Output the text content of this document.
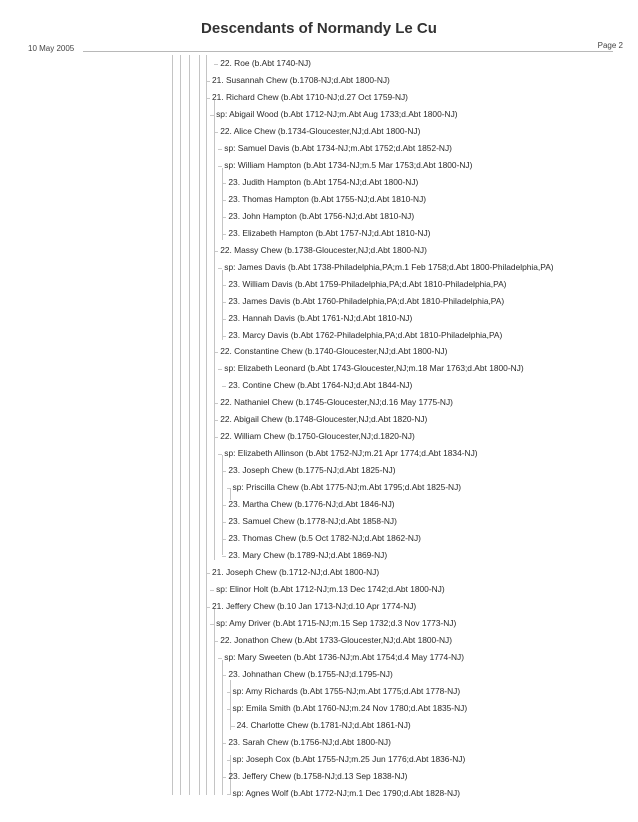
Descendants of Normandy Le Cu
10 May 2005	Page 2
22. Roe (b.Abt 1740-NJ)
21. Susannah Chew (b.1708-NJ;d.Abt 1800-NJ)
21. Richard Chew (b.Abt 1710-NJ;d.27 Oct 1759-NJ)
sp: Abigail Wood (b.Abt 1712-NJ;m.Abt Aug 1733;d.Abt 1800-NJ)
22. Alice Chew (b.1734-Gloucester,NJ;d.Abt 1800-NJ)
sp: Samuel Davis (b.Abt 1734-NJ;m.Abt 1752;d.Abt 1852-NJ)
sp: William Hampton (b.Abt 1734-NJ;m.5 Mar 1753;d.Abt 1800-NJ)
23. Judith Hampton (b.Abt 1754-NJ;d.Abt 1800-NJ)
23. Thomas Hampton (b.Abt 1755-NJ;d.Abt 1810-NJ)
23. John Hampton (b.Abt 1756-NJ;d.Abt 1810-NJ)
23. Elizabeth Hampton (b.Abt 1757-NJ;d.Abt 1810-NJ)
22. Massy Chew (b.1738-Gloucester,NJ;d.Abt 1800-NJ)
sp: James Davis (b.Abt 1738-Philadelphia,PA;m.1 Feb 1758;d.Abt 1800-Philadelphia,PA)
23. William Davis (b.Abt 1759-Philadelphia,PA;d.Abt 1810-Philadelphia,PA)
23. James Davis (b.Abt 1760-Philadelphia,PA;d.Abt 1810-Philadelphia,PA)
23. Hannah Davis (b.Abt 1761-NJ;d.Abt 1810-NJ)
23. Marcy Davis (b.Abt 1762-Philadelphia,PA;d.Abt 1810-Philadelphia,PA)
22. Constantine Chew (b.1740-Gloucester,NJ;d.Abt 1800-NJ)
sp: Elizabeth Leonard (b.Abt 1743-Gloucester,NJ;m.18 Mar 1763;d.Abt 1800-NJ)
23. Contine Chew (b.Abt 1764-NJ;d.Abt 1844-NJ)
22. Nathaniel Chew (b.1745-Gloucester,NJ;d.16 May 1775-NJ)
22. Abigail Chew (b.1748-Gloucester,NJ;d.Abt 1820-NJ)
22. William Chew (b.1750-Gloucester,NJ;d.1820-NJ)
sp: Elizabeth Allinson (b.Abt 1752-NJ;m.21 Apr 1774;d.Abt 1834-NJ)
23. Joseph Chew (b.1775-NJ;d.Abt 1825-NJ)
sp: Priscilla Chew (b.Abt 1775-NJ;m.Abt 1795;d.Abt 1825-NJ)
23. Martha Chew (b.1776-NJ;d.Abt 1846-NJ)
23. Samuel Chew (b.1778-NJ;d.Abt 1858-NJ)
23. Thomas Chew (b.5 Oct 1782-NJ;d.Abt 1862-NJ)
23. Mary Chew (b.1789-NJ;d.Abt 1869-NJ)
21. Joseph Chew (b.1712-NJ;d.Abt 1800-NJ)
sp: Elinor Holt (b.Abt 1712-NJ;m.13 Dec 1742;d.Abt 1800-NJ)
21. Jeffery Chew (b.10 Jan 1713-NJ;d.10 Apr 1774-NJ)
sp: Amy Driver (b.Abt 1715-NJ;m.15 Sep 1732;d.3 Nov 1773-NJ)
22. Jonathon Chew (b.Abt 1733-Gloucester,NJ;d.Abt 1800-NJ)
sp: Mary Sweeten (b.Abt 1736-NJ;m.Abt 1754;d.4 May 1774-NJ)
23. Johnathan Chew (b.1755-NJ;d.1795-NJ)
sp: Amy Richards (b.Abt 1755-NJ;m.Abt 1775;d.Abt 1778-NJ)
sp: Emila Smith (b.Abt 1760-NJ;m.24 Nov 1780;d.Abt 1835-NJ)
24. Charlotte Chew (b.1781-NJ;d.Abt 1861-NJ)
23. Sarah Chew (b.1756-NJ;d.Abt 1800-NJ)
sp: Joseph Cox (b.Abt 1755-NJ;m.25 Jun 1776;d.Abt 1836-NJ)
23. Jeffery Chew (b.1758-NJ;d.13 Sep 1838-NJ)
sp: Agnes Wolf (b.Abt 1772-NJ;m.1 Dec 1790;d.Abt 1828-NJ)
